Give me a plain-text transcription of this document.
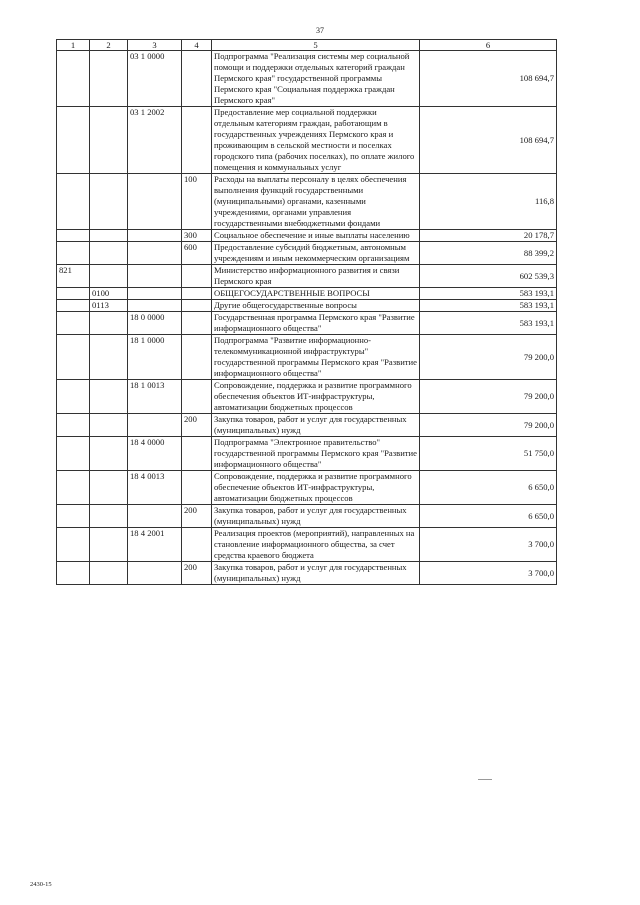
37
1	2	3	4	5	6
		03 1 0000		Подпрограмма "Реализация системы мер социальной помощи и поддержки отдельных категорий граждан Пермского края" государственной программы Пермского края "Социальная поддержка граждан Пермского края"	108 694,7
		03 1 2002		Предоставление мер социальной поддержки отдельным категориям граждан, работающим в государственных учреждениях Пермского края и проживающим в сельской местности и поселках городского типа (рабочих поселках), по оплате жилого помещения и коммунальных услуг	108 694,7
			100	Расходы на выплаты персоналу в целях обеспечения выполнения функций государственными (муниципальными) органами, казенными учреждениями, органами управления государственными внебюджетными фондами	116,8
			300	Социальное обеспечение и иные выплаты населению	20 178,7
			600	Предоставление субсидий бюджетным, автономным учреждениям и иным некоммерческим организациям	88 399,2
821				Министерство информационного развития и связи Пермского края	602 539,3
	0100			ОБЩЕГОСУДАРСТВЕННЫЕ ВОПРОСЫ	583 193,1
	0113			Другие общегосударственные вопросы	583 193,1
		18 0 0000		Государственная программа Пермского края "Развитие информационного общества"	583 193,1
		18 1 0000		Подпрограмма "Развитие информационно-телекоммуникационной инфраструктуры" государственной программы Пермского края "Развитие информационного общества"	79 200,0
		18 1 0013		Сопровождение, поддержка и развитие программного обеспечения объектов ИТ-инфраструктуры, автоматизации бюджетных процессов	79 200,0
			200	Закупка товаров, работ и услуг для государственных (муниципальных) нужд	79 200,0
		18 4 0000		Подпрограмма "Электронное правительство" государственной программы Пермского края "Развитие информационного общества"	51 750,0
		18 4 0013		Сопровождение, поддержка и развитие программного обеспечение объектов ИТ-инфраструктуры, автоматизации бюджетных процессов	6 650,0
			200	Закупка товаров, работ и услуг для государственных (муниципальных) нужд	6 650,0
		18 4 2001		Реализация проектов (мероприятий), направленных на становление информационного общества, за счет средства краевого бюджета	3 700,0
			200	Закупка товаров, работ и услуг для государственных (муниципальных) нужд	3 700,0
2430-15
